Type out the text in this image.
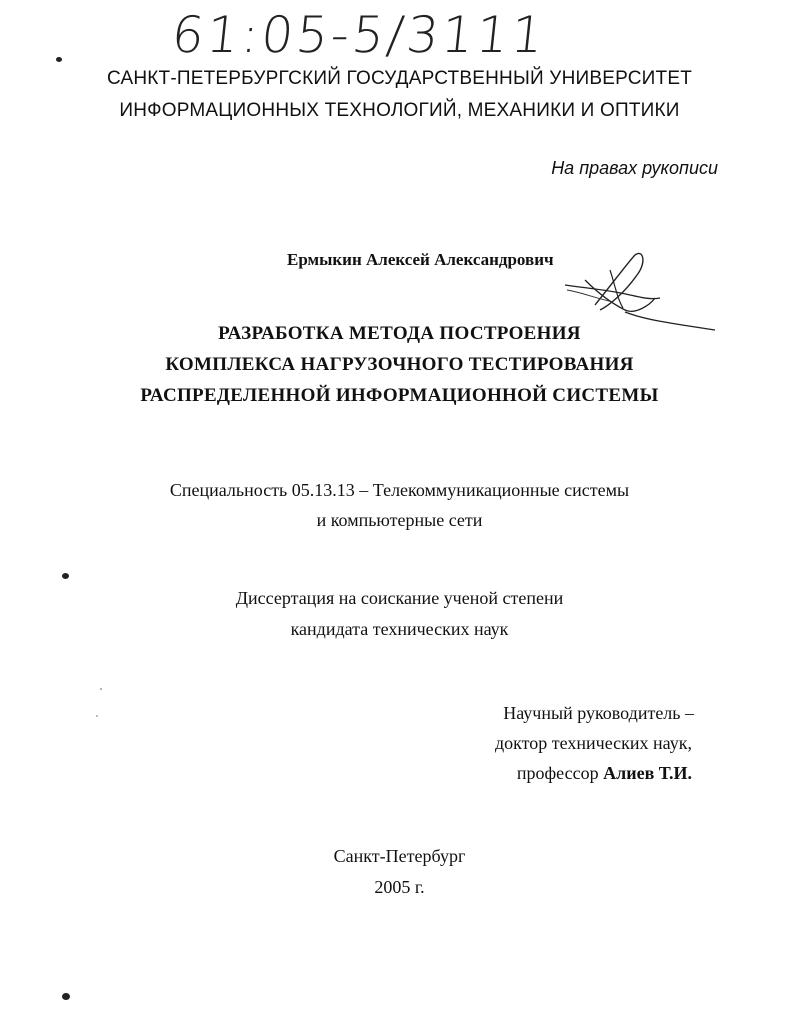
61:05-5/3111
САНКТ-ПЕТЕРБУРГСКИЙ ГОСУДАРСТВЕННЫЙ УНИВЕРСИТЕТ
ИНФОРМАЦИОННЫХ ТЕХНОЛОГИЙ, МЕХАНИКИ И ОПТИКИ
На правах рукописи
Ермыкин Алексей Александрович
РАЗРАБОТКА МЕТОДА ПОСТРОЕНИЯ
КОМПЛЕКСА НАГРУЗОЧНОГО ТЕСТИРОВАНИЯ
РАСПРЕДЕЛЕННОЙ ИНФОРМАЦИОННОЙ СИСТЕМЫ
Специальность 05.13.13 – Телекоммуникационные системы
и компьютерные сети
Диссертация на соискание ученой степени
кандидата технических наук
Научный руководитель –
доктор технических наук,
профессор Алиев Т.И.
Санкт-Петербург
2005 г.
